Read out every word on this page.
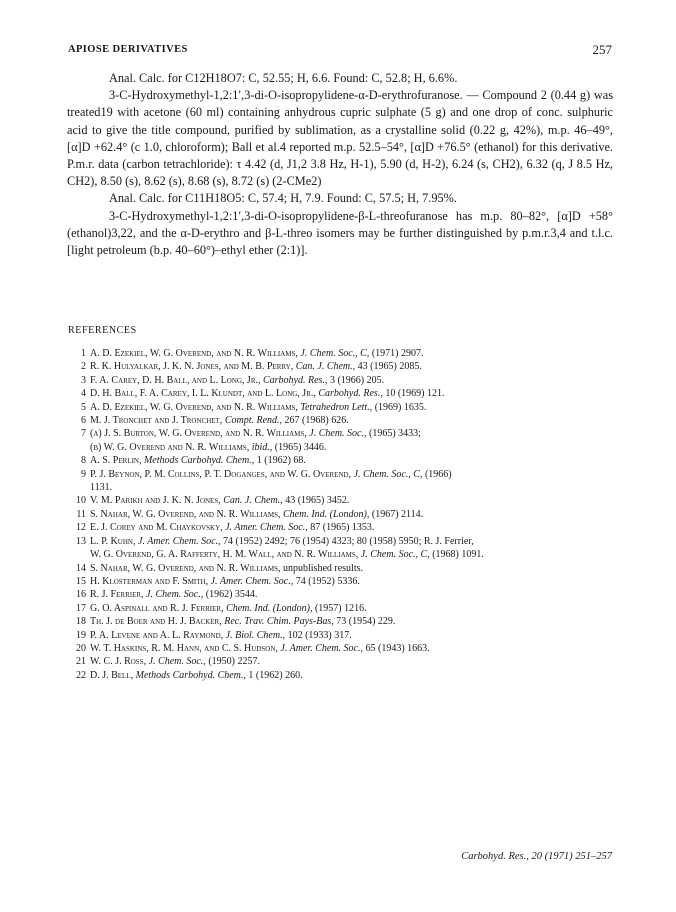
APIOSE DERIVATIVES	257

Anal. Calc. for C12H18O7: C, 52.55; H, 6.6. Found: C, 52.8; H, 6.6%.

3-C-Hydroxymethyl-1,2:1′,3-di-O-isopropylidene-α-D-erythrofuranose. — Compound 2 (0.44 g) was treated19 with acetone (60 ml) containing anhydrous cupric sulphate (5 g) and one drop of conc. sulphuric acid to give the title compound, purified by sublimation, as a crystalline solid (0.22 g, 42%), m.p. 46–49°, [α]D +62.4° (c 1.0, chloroform); Ball et al.4 reported m.p. 52.5–54°, [α]D +76.5° (ethanol) for this derivative. P.m.r. data (carbon tetrachloride): τ 4.42 (d, J1,2 3.8 Hz, H-1), 5.90 (d, H-2), 6.24 (s, CH2), 6.32 (q, J 8.5 Hz, CH2), 8.50 (s), 8.62 (s), 8.68 (s), 8.72 (s) (2-CMe2)

Anal. Calc. for C11H18O5: C, 57.4; H, 7.9. Found: C, 57.5; H, 7.95%.

3-C-Hydroxymethyl-1,2:1′,3-di-O-isopropylidene-β-L-threofuranose has m.p. 80–82°, [α]D +58° (ethanol)3,22, and the α-D-erythro and β-L-threo isomers may be further distinguished by p.m.r.3,4 and t.l.c. [light petroleum (b.p. 40–60°)–ethyl ether (2:1)].

REFERENCES
1 A. D. Ezekiel, W. G. Overend, and N. R. Williams, J. Chem. Soc., C, (1971) 2907.
2 R. K. Hulyalkar, J. K. N. Jones, and M. B. Perry, Can. J. Chem., 43 (1965) 2085.
3 F. A. Carey, D. H. Ball, and L. Long, Jr., Carbohyd. Res., 3 (1966) 205.
4 D. H. Ball, F. A. Carey, I. L. Klundt, and L. Long, Jr., Carbohyd. Res., 10 (1969) 121.
5 A. D. Ezekiel, W. G. Overend, and N. R. Williams, Tetrahedron Lett., (1969) 1635.
6 M. J. Tronchet and J. Tronchet, Compt. Rend., 267 (1968) 626.
7 (a) J. S. Burton, W. G. Overend, and N. R. Williams, J. Chem. Soc., (1965) 3433;
(b) W. G. Overend and N. R. Williams, ibid., (1965) 3446.
8 A. S. Perlin, Methods Carbohyd. Chem., 1 (1962) 68.
9 P. J. Beynon, P. M. Collins, P. T. Doganges, and W. G. Overend, J. Chem. Soc., C, (1966)
1131.
10 V. M. Parikh and J. K. N. Jones, Can. J. Chem., 43 (1965) 3452.
11 S. Nahar, W. G. Overend, and N. R. Williams, Chem. Ind. (London), (1967) 2114.
12 E. J. Corey and M. Chaykovsky, J. Amer. Chem. Soc., 87 (1965) 1353.
13 L. P. Kuhn, J. Amer. Chem. Soc., 74 (1952) 2492; 76 (1954) 4323; 80 (1958) 5950; R. J. Ferrier,
W. G. Overend, G. A. Rafferty, H. M. Wall, and N. R. Williams, J. Chem. Soc., C, (1968) 1091.
14 S. Nahar, W. G. Overend, and N. R. Williams, unpublished results.
15 H. Klosterman and F. Smith, J. Amer. Chem. Soc., 74 (1952) 5336.
16 R. J. Ferrier, J. Chem. Soc., (1962) 3544.
17 G. O. Aspinall and R. J. Ferrier, Chem. Ind. (London), (1957) 1216.
18 Th. J. de Boer and H. J. Backer, Rec. Trav. Chim. Pays-Bas, 73 (1954) 229.
19 P. A. Levene and A. L. Raymond, J. Biol. Chem., 102 (1933) 317.
20 W. T. Haskins, R. M. Hann, and C. S. Hudson, J. Amer. Chem. Soc., 65 (1943) 1663.
21 W. C. J. Ross, J. Chem. Soc., (1950) 2257.
22 D. J. Bell, Methods Carbohyd. Chem., 1 (1962) 260.
Carbohyd. Res., 20 (1971) 251–257
